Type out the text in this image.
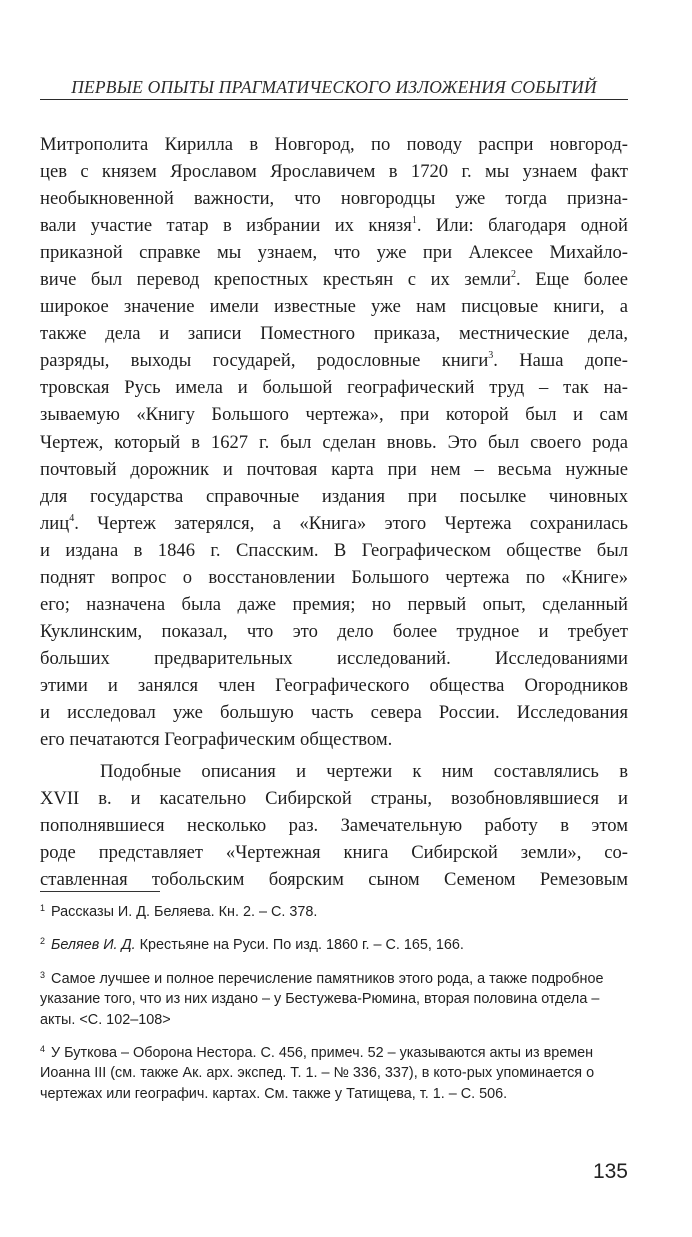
ПЕРВЫЕ ОПЫТЫ ПРАГМАТИЧЕСКОГО ИЗЛОЖЕНИЯ СОБЫТИЙ

Митрополита Кирилла в Новгород, по поводу распри новгород-
цев с князем Ярославом Ярославичем в 1720 г. мы узнаем факт
необыкновенной важности, что новгородцы уже тогда призна-
вали участие татар в избрании их князя$^1$. Или: благодаря одной
приказной справке мы узнаем, что уже при Алексее Михайло-
виче был перевод крепостных крестьян с их земли$^2$. Еще более
широкое значение имели известные уже нам писцовые книги, а
также дела и записи Поместного приказа, местнические дела,
разряды, выходы государей, родословные книги$^3$. Наша допе-
тровская Русь имела и большой географический труд – так на-
зываемую «Книгу Большого чертежа», при которой был и сам
Чертеж, который в 1627 г. был сделан вновь. Это был своего рода
почтовый дорожник и почтовая карта при нем – весьма нужные
для государства справочные издания при посылке чиновных
лиц$^4$. Чертеж затерялся, а «Книга» этого Чертежа сохранилась
и издана в 1846 г. Спасским. В Географическом обществе был
поднят вопрос о восстановлении Большого чертежа по «Книге»
его; назначена была даже премия; но первый опыт, сделанный
Куклинским, показал, что это дело более трудное и требует
больших предварительных исследований. Исследованиями
этими и занялся член Географического общества Огородников
и исследовал уже большую часть севера России. Исследования
его печатаются Географическим обществом.

Подобные описания и чертежи к ним составлялись в
XVII в. и касательно Сибирской страны, возобновлявшиеся и
пополнявшиеся несколько раз. Замечательную работу в этом
роде представляет «Чертежная книга Сибирской земли», со-
ставленная тобольским боярским сыном Семеном Ремезовым

$^1$ Рассказы И. Д. Беляева. Кн. 2. – С. 378.

$^2$ Беляев И. Д. Крестьяне на Руси. По изд. 1860 г. – С. 165, 166.

$^3$ Самое лучшее и полное перечисление памятников этого рода, а также подробное указание того, что из них издано – у Бестужева-Рюмина, вторая половина отдела – акты. <С. 102–108>

$^4$ У Буткова – Оборона Нестора. С. 456, примеч. 52 – указываются акты из времен Иоанна III (см. также Ак. арх. экспед. Т. 1. – № 336, 337), в кото-рых упоминается о чертежах или географич. картах. См. также у Татищева, т. 1. – С. 506.

135
